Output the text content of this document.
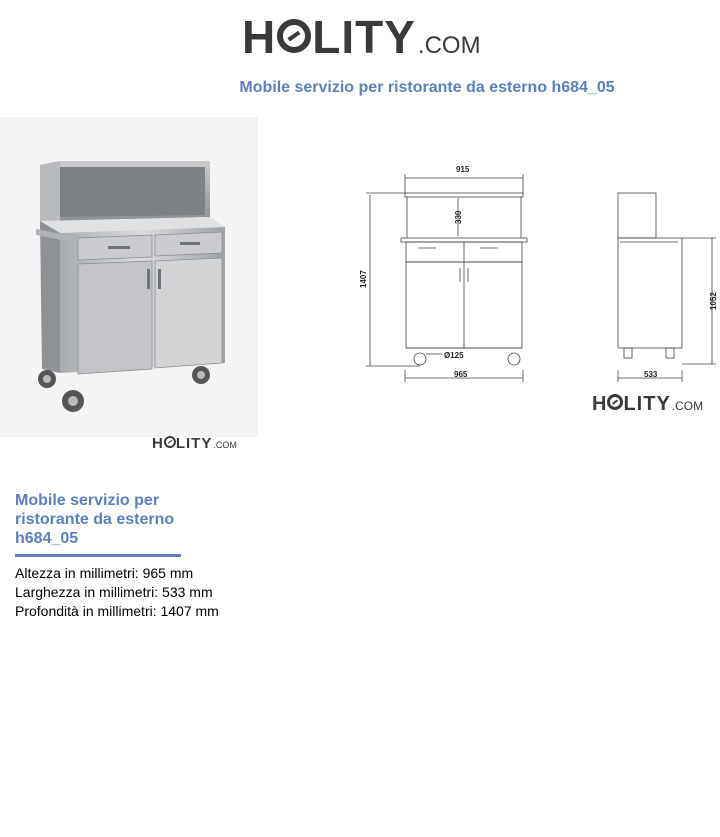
H LITY .COM
Mobile servizio per ristorante da esterno h684_05
H LITY .COM
915
330
1407
1052
Ø125
965	533
H LITY .COM
Mobile servizio per ristorante da esterno h684_05
Altezza in millimetri: 965 mm
Larghezza in millimetri: 533 mm
Profondità in millimetri: 1407 mm
